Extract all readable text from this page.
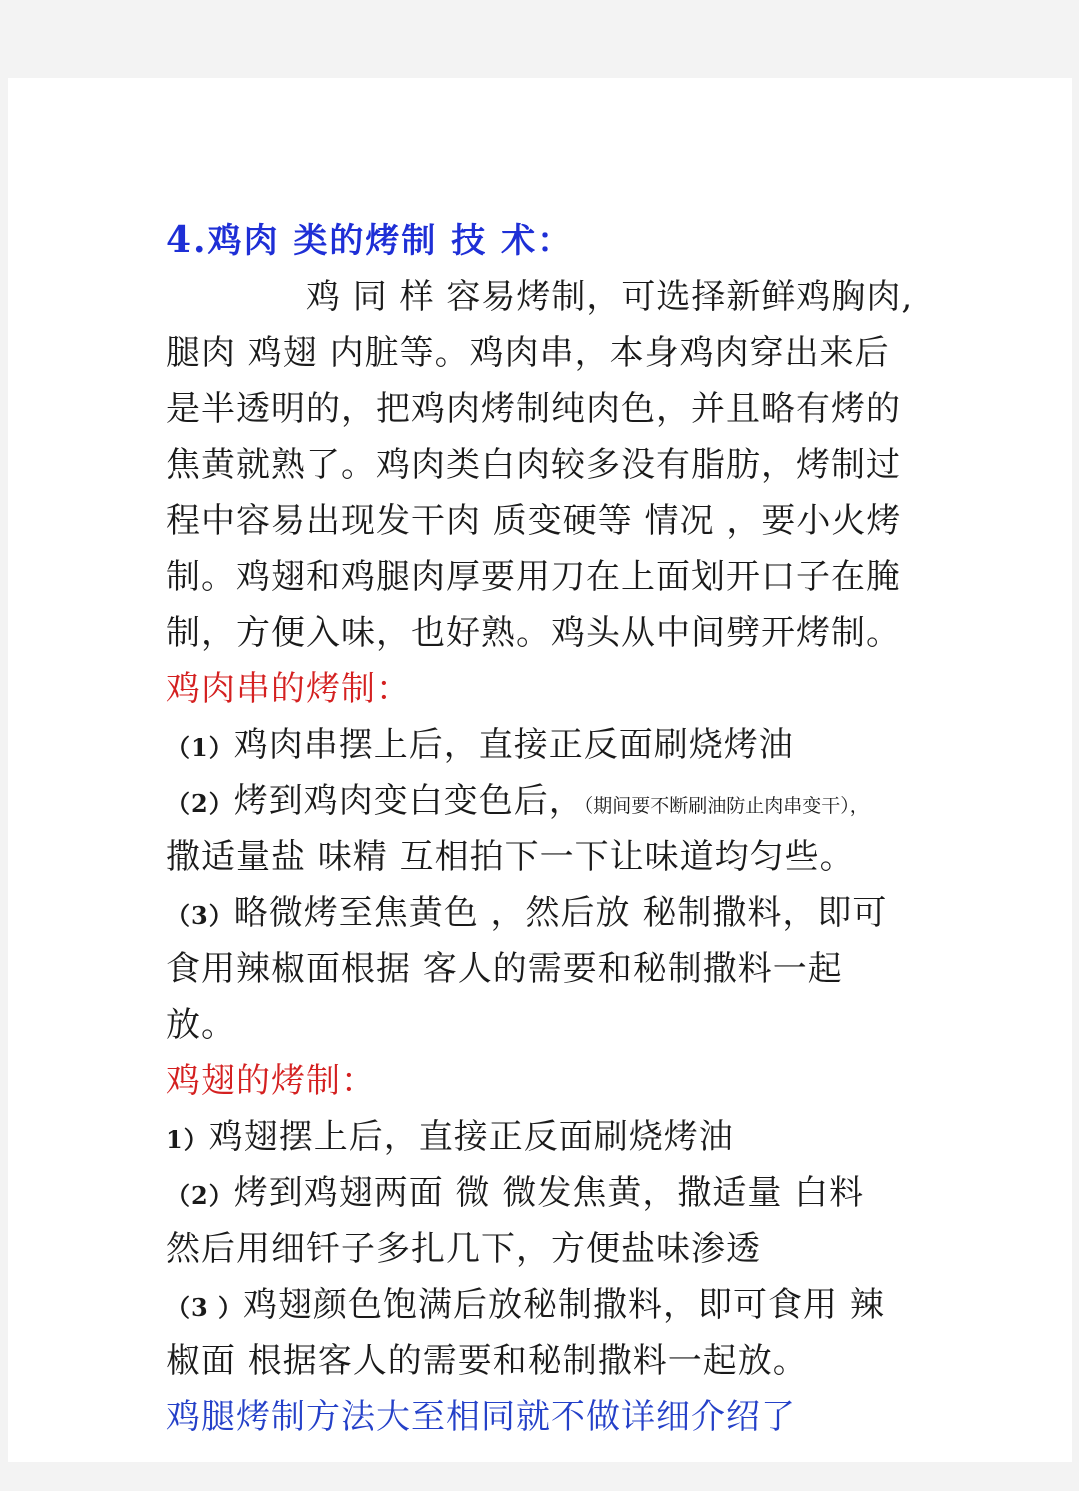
4.鸡肉 类的烤制 技 术：
　　　　鸡 同 样 容易烤制，可选择新鲜鸡胸肉,
腿肉 鸡翅 内脏等。鸡肉串，本身鸡肉穿出来后
是半透明的，把鸡肉烤制纯肉色，并且略有烤的
焦黄就熟了。鸡肉类白肉较多没有脂肪，烤制过
程中容易出现发干肉 质变硬等 情况 ，要小火烤
制。鸡翅和鸡腿肉厚要用刀在上面划开口子在腌
制，方便入味，也好熟。鸡头从中间劈开烤制。
鸡肉串的烤制：
（1）鸡肉串摆上后，直接正反面刷烧烤油
（2）烤到鸡肉变白变色后，（期间要不断刷油防止肉串变干），
撒适量盐 味精 互相拍下一下让味道均匀些。
（3）略微烤至焦黄色 ，然后放 秘制撒料，即可
食用辣椒面根据 客人的需要和秘制撒料一起
放。
鸡翅的烤制：
1）鸡翅摆上后，直接正反面刷烧烤油
（2）烤到鸡翅两面 微 微发焦黄，撒适量 白料
然后用细钎子多扎几下，方便盐味渗透
（3 ）鸡翅颜色饱满后放秘制撒料，即可食用 辣
椒面 根据客人的需要和秘制撒料一起放。
鸡腿烤制方法大至相同就不做详细介绍了
